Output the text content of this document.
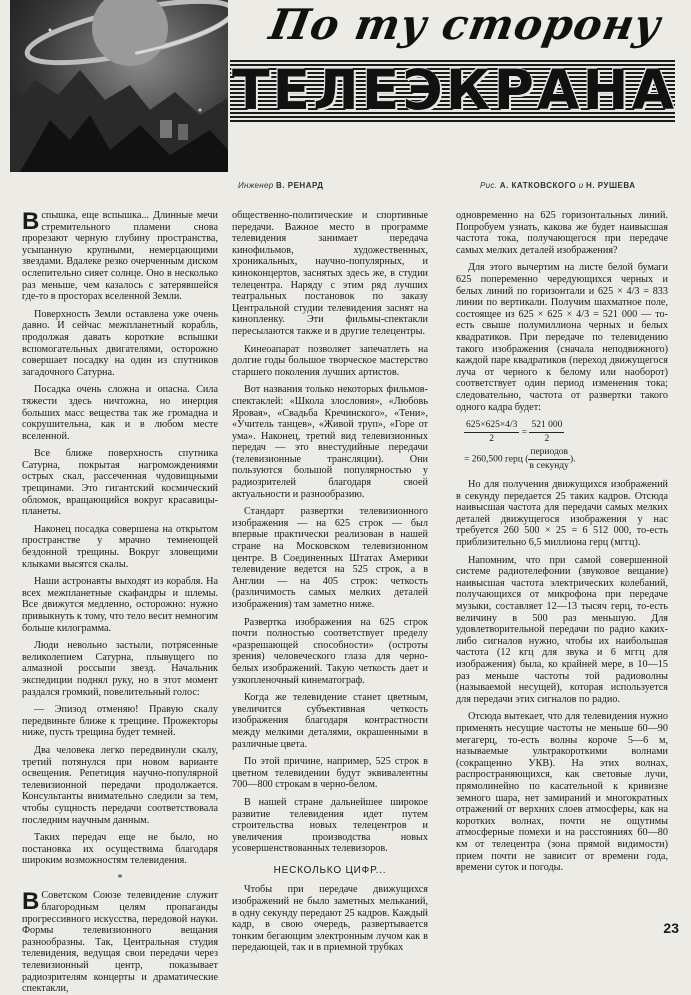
По ту сторону
ТЕЛЕЭКРАНА
Инженер В. РЕНАРД	Рис. А. КАТКОВСКОГО и Н. РУШЕВА

Вспышка, еще вспышка... Длинные мечи стремительного пламени снова прорезают черную глубину пространства, усыпанную крупными, немерцающими звездами. Вдалеке резко очерченным диском ослепительно сияет солнце. Оно в несколько раз меньше, чем казалось с затерявшейся где-то в просторах вселенной Земли.

Поверхность Земли оставлена уже очень давно. И сейчас межпланетный корабль, продолжая давать короткие вспышки вспомогательных двигателями, осторожно совершает посадку на один из спутников загадочного Сатурна.

Посадка очень сложна и опасна. Сила тяжести здесь ничтожна, но инерция больших масс вещества так же громадна и сокрушительна, как и в любом месте вселенной.

Все ближе поверхность спутника Сатурна, покрытая нагромождениями острых скал, рассеченная чудовищными трещинами. Это гигантский космический обломок, вращающийся вокруг красавицы-планеты.

Наконец посадка совершена на открытом пространстве у мрачно темнеющей бездонной трещины. Вокруг зловещими клыками высятся скалы.

Наши астронавты выходят из корабля. На всех межпланетные скафандры и шлемы. Все движутся медленно, осторожно: нужно привыкнуть к тому, что тело весит немногим больше килограмма.

Люди невольно застыли, потрясенные великолепием Сатурна, плывущего по алмазной россыпи звезд. Начальник экспедиции поднял руку, но в этот момент раздался громкий, повелительный голос:

— Эпизод отменяю! Правую скалу передвиньте ближе к трещине. Прожекторы ниже, пусть трещина будет темней.

Два человека легко передвинули скалу, третий потянулся при новом варианте освещения. Репетиция научно-популярной телевизионной передачи продолжается. Консультанты внимательно следили за тем, чтобы сущность передачи соответствовала последним научным данным.

Таких передач еще не было, но постановка их осуществима благодаря широким возможностям телевидения.

*

В Советском Союзе телевидение служит благородным целям пропаганды прогрессивного искусства, передовой науки. Формы телевизионного вещания разнообразны. Так, Центральная студия телевидения, ведущая свои передачи через телевизионный центр, показывает радиозрителям концерты и драматические спектакли,

общественно-политические и спортивные передачи. Важное место в программе телевидения занимает передача кинофильмов, художественных, хроникальных, научно-популярных, и киноконцертов, заснятых здесь же, в студии телецентра. Наряду с этим ряд лучших театральных постановок по заказу Центральной студии телевидения заснят на кинопленку. Эти фильмы-спектакли пересылаются также и в другие телецентры.

Кинеоапарат позволяет запечатлеть на долгие годы большое творческое мастерство старшего поколения лучших артистов.

Вот названия только некоторых фильмов-спектаклей: «Школа злословия», «Любовь Яровая», «Свадьба Кречинского», «Тени», «Учитель танцев», «Живой труп», «Горе от ума». Наконец, третий вид телевизионных передач — это внестудийные передачи (телевизионные трансляции). Они пользуются большой популярностью у радиозрителей благодаря своей актуальности и разнообразию.

Стандарт развертки телевизионного изображения — на 625 строк — был впервые практически реализован в нашей стране на Московском телевизионном центре. В Соединенных Штатах Америки телевидение ведется на 525 строк, а в Англии — на 405 строк: четкость (различимость самых мелких деталей изображения) там заметно ниже.

Развертка изображения на 625 строк почти полностью соответствует пределу «разрешающей способности» (остроты зрения) человеческого глаза для черно-белых изображений. Такую четкость дает и узкопленочный кинематограф.

Когда же телевидение станет цветным, увеличится субъективная четкость изображения благодаря контрастности между мелкими деталями, окрашенными в различные цвета.

По этой причине, например, 525 строк в цветном телевидении будут эквивалентны 700—800 строкам в черно-белом.

В нашей стране дальнейшее широкое развитие телевидения идет путем строительства новых телецентров и увеличения производства новых усовершенствованных телевизоров.

НЕСКОЛЬКО ЦИФР...

Чтобы при передаче движущихся изображений не было заметных мельканий, в одну секунду передают 25 кадров. Каждый кадр, в свою очередь, развертывается тонким бегающим электронным лучом как в передающей, так и в приемной трубках

одновременно на 625 горизонтальных линий. Попробуем узнать, какова же будет наивысшая частота тока, получающегося при передаче самых мелких деталей изображения?

Для этого вычертим на листе белой бумаги 625 попеременно чередующихся черных и белых линий по горизонтали и 625 × 4/3 = 833 линии по вертикали. Получим шахматное поле, состоящее из 625 × 625 × 4/3 = 521 000 — то-есть свыше полумиллиона черных и белых квадратиков. При передаче по телевидению такого изображения (сначала неподвижного) каждой паре квадратиков (переход движущегося луча от черного к белому или наоборот) соответствует один период изменения тока; следовательно, частота от развертки такого одного кадра будет:

$\frac{625\times 625\times 4/3}{2} = \frac{521 000}{2}$

= 260,500 герц ( $\frac{\text{периодов}}{\text{в секунду}}$ ).

Но для получения движущихся изображений в секунду передается 25 таких кадров. Отсюда наивысшая частота для передачи самых мелких деталей движущегося изображения у нас требуется 260 500 × 25 = 6 512 000, то-есть приблизительно 6,5 миллиона герц (мггц).

Напомним, что при самой совершенной системе радиотелефонии (звуковое вещание) наивысшая частота электрических колебаний, получающихся от микрофона при передаче музыки, составляет 12—13 тысяч герц, то-есть величину в 500 раз меньшую. Для удовлетворительной передачи по радио каких-либо сигналов нужно, чтобы их наибольшая частота (12 кгц для звука и 6 мггц для изображения) была, ко крайней мере, в 10—15 раз меньше частоты той радиоволны (называемой несущей), которая используется для передачи этих сигналов по радио.

Отсюда вытекает, что для телевидения нужно применять несущие частоты не меньше 60—90 мегагерц, то-есть волны короче 5—6 м, называемые ультракороткими волнами (сокращенно УКВ). На этих волнах, распространяющихся, как световые лучи, прямолинейно по касательной к кривизне земного шара, нет замираний и многократных отражений от верхних слоев атмосферы, как на коротких волнах, почти не ощутимы атмосферные помехи и на расстояниях 60—80 км от телецентра (зона прямой видимости) прием почти не зависит от времени года, времени суток и погоды.

23
